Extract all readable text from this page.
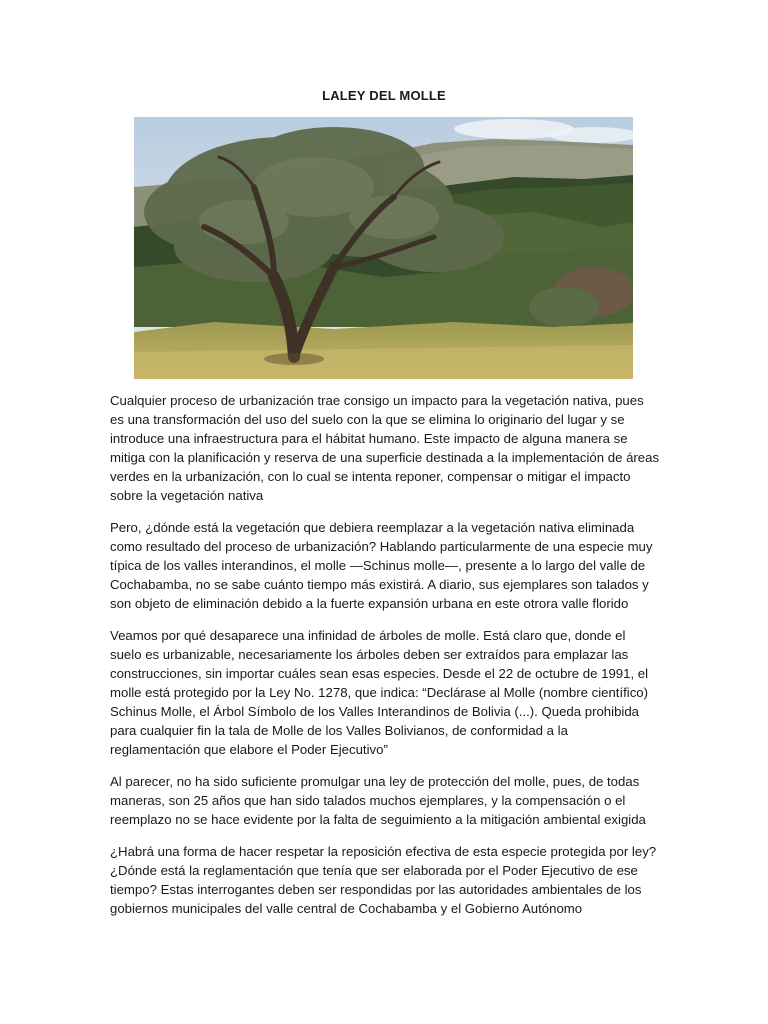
LALEY DEL MOLLE

Cualquier proceso de urbanización trae consigo un impacto para la vegetación nativa, pues es una transformación del uso del suelo con la que se elimina lo originario del lugar y se introduce una infraestructura para el hábitat humano. Este impacto de alguna manera se mitiga con la planificación y reserva de una superficie destinada a la implementación de áreas verdes en la urbanización, con lo cual se intenta reponer, compensar o mitigar el impacto sobre la vegetación nativa

Pero, ¿dónde está la vegetación que debiera reemplazar a la vegetación nativa eliminada como resultado del proceso de urbanización? Hablando particularmente de una especie muy típica de los valles interandinos, el molle —Schinus molle—, presente a lo largo del valle de Cochabamba, no se sabe cuánto tiempo más existirá. A diario, sus ejemplares son talados y son objeto de eliminación debido a la fuerte expansión urbana en este otrora valle florido

Veamos por qué desaparece una infinidad de árboles de molle. Está claro que, donde el suelo es urbanizable, necesariamente los árboles deben ser extraídos para emplazar las construcciones, sin importar cuáles sean esas especies. Desde el 22 de octubre de 1991, el molle está protegido por la Ley No. 1278, que indica: “Declárase al Molle (nombre científico) Schinus Molle, el Árbol Símbolo de los Valles Interandinos de Bolivia (...). Queda prohibida para cualquier fin la tala de Molle de los Valles Bolivianos, de conformidad a la reglamentación que elabore el Poder Ejecutivo”

Al parecer, no ha sido suficiente promulgar una ley de protección del molle, pues, de todas maneras, son 25 años que han sido talados muchos ejemplares, y la compensación o el reemplazo no se hace evidente por la falta de seguimiento a la mitigación ambiental exigida

¿Habrá una forma de hacer respetar la reposición efectiva de esta especie protegida por ley? ¿Dónde está la reglamentación que tenía que ser elaborada por el Poder Ejecutivo de ese tiempo? Estas interrogantes deben ser respondidas por las autoridades ambientales de los gobiernos municipales del valle central de Cochabamba y el Gobierno Autónomo
